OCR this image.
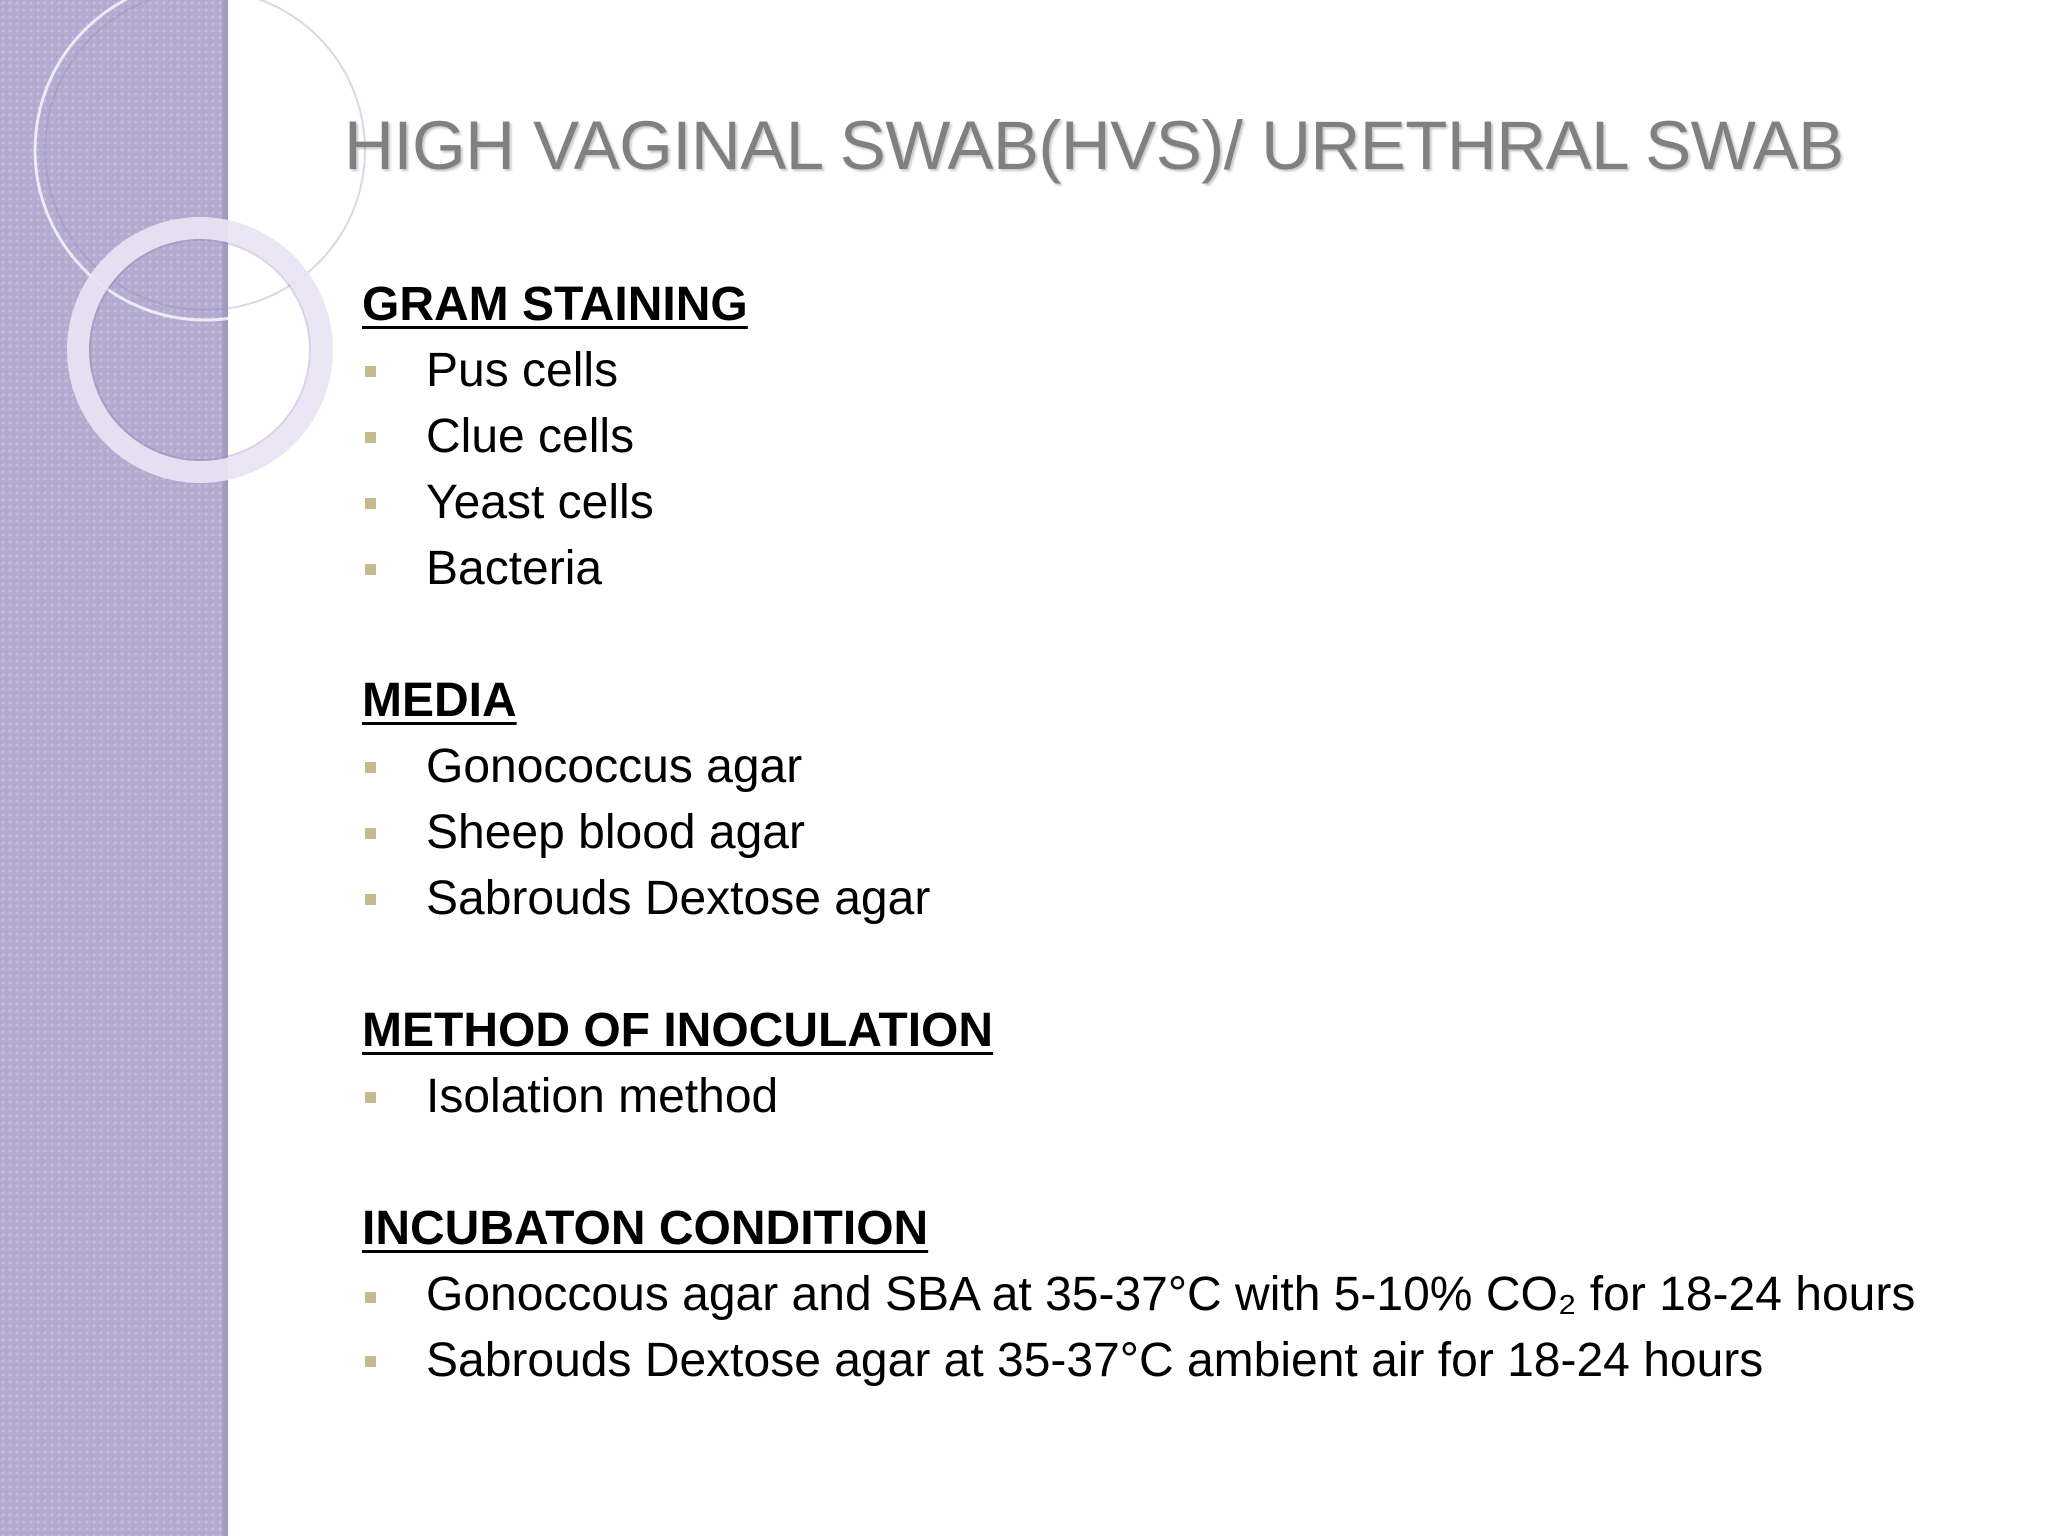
HIGH VAGINAL SWAB(HVS)/ URETHRAL SWAB
GRAM STAINING
Pus cells
Clue cells
Yeast cells
Bacteria
MEDIA
Gonococcus agar
Sheep blood agar
Sabrouds Dextose agar
METHOD OF INOCULATION
Isolation method
INCUBATON CONDITION
Gonoccous agar and SBA at 35-37°C with 5-10% CO₂ for 18-24 hours
Sabrouds Dextose agar at 35-37°C ambient air for 18-24 hours
